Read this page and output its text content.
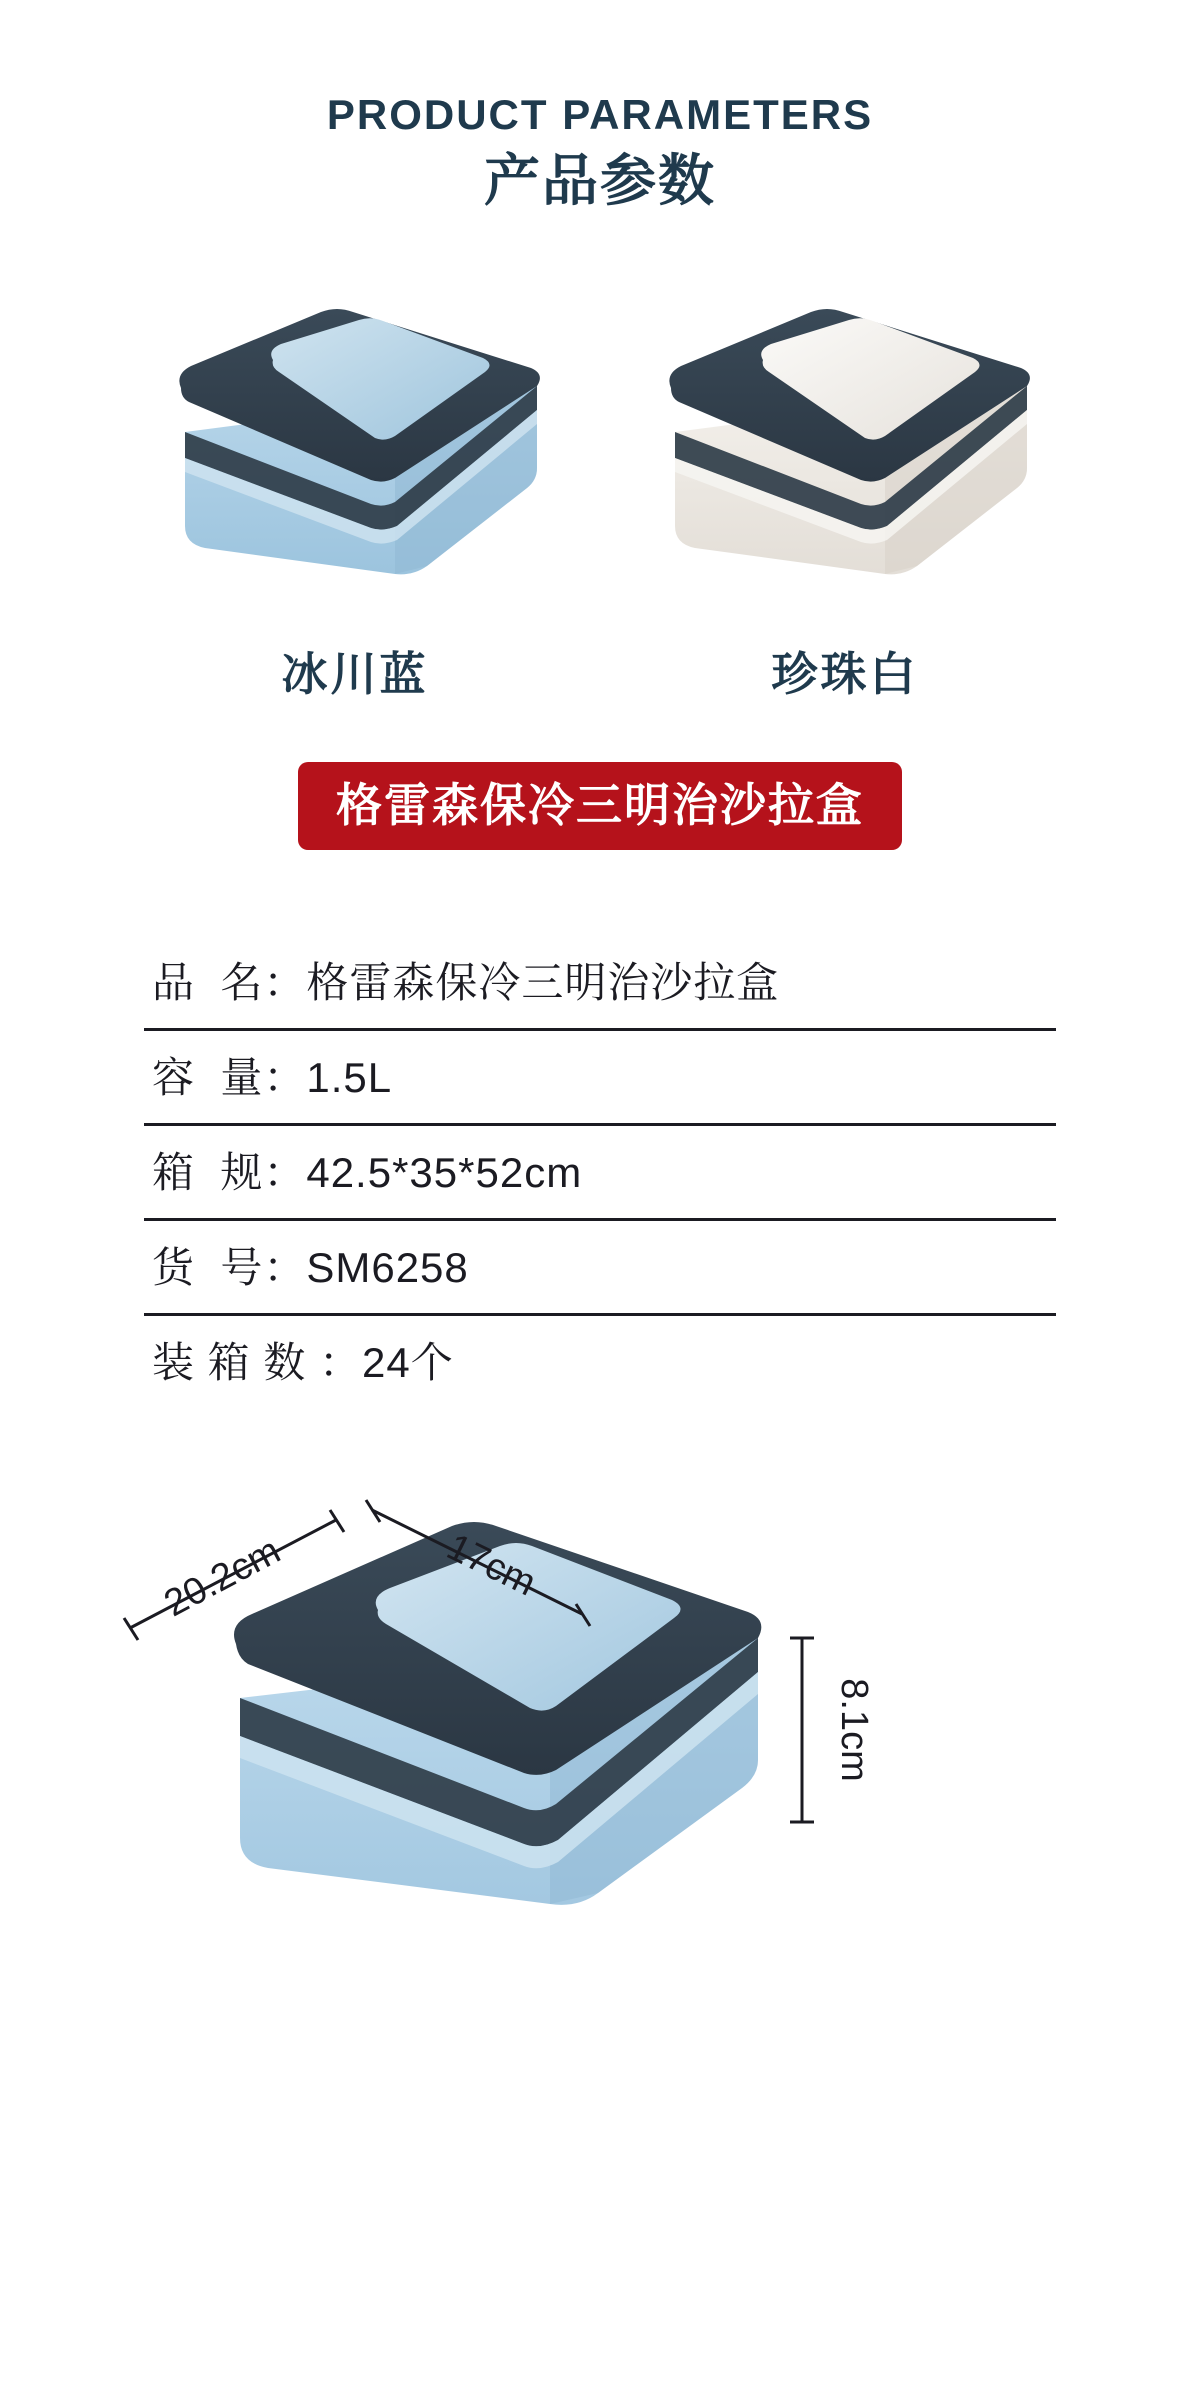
PRODUCT PARAMETERS
产品参数
冰川蓝	珍珠白
格雷森保冷三明治沙拉盒
品  名： 格雷森保冷三明治沙拉盒
容  量： 1.5L
箱  规： 42.5*35*52cm
货  号： SM6258
装 箱 数 ： 24个
20.2cm	17cm
8.1cm
